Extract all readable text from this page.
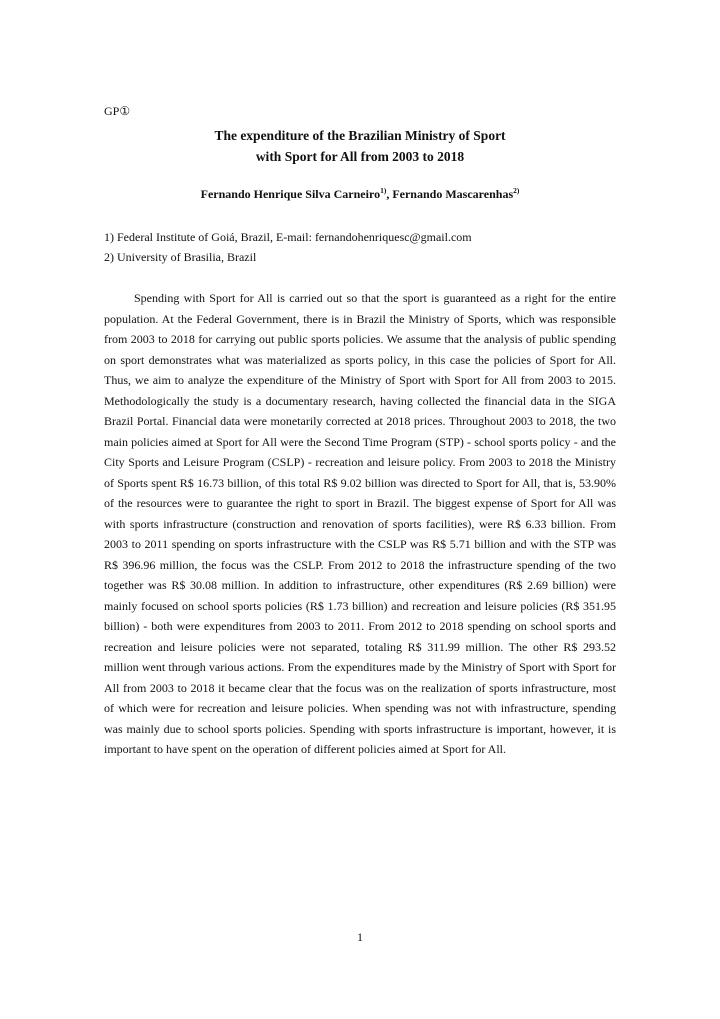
GP①
The expenditure of the Brazilian Ministry of Sport
with Sport for All from 2003 to 2018
Fernando Henrique Silva Carneiro$^{1)}$, Fernando Mascarenhas$^{2)}$
1) Federal Institute of Goiá, Brazil, E-mail: fernandohenriquesc@gmail.com
2) University of Brasilia, Brazil

Spending with Sport for All is carried out so that the sport is guaranteed as a right for the entire population. At the Federal Government, there is in Brazil the Ministry of Sports, which was responsible from 2003 to 2018 for carrying out public sports policies. We assume that the analysis of public spending on sport demonstrates what was materialized as sports policy, in this case the policies of Sport for All. Thus, we aim to analyze the expenditure of the Ministry of Sport with Sport for All from 2003 to 2015. Methodologically the study is a documentary research, having collected the financial data in the SIGA Brazil Portal. Financial data were monetarily corrected at 2018 prices. Throughout 2003 to 2018, the two main policies aimed at Sport for All were the Second Time Program (STP) - school sports policy - and the City Sports and Leisure Program (CSLP) - recreation and leisure policy. From 2003 to 2018 the Ministry of Sports spent R$ 16.73 billion, of this total R$ 9.02 billion was directed to Sport for All, that is, 53.90% of the resources were to guarantee the right to sport in Brazil. The biggest expense of Sport for All was with sports infrastructure (construction and renovation of sports facilities), were R$ 6.33 billion. From 2003 to 2011 spending on sports infrastructure with the CSLP was R$ 5.71 billion and with the STP was R$ 396.96 million, the focus was the CSLP. From 2012 to 2018 the infrastructure spending of the two together was R$ 30.08 million. In addition to infrastructure, other expenditures (R$ 2.69 billion) were mainly focused on school sports policies (R$ 1.73 billion) and recreation and leisure policies (R$ 351.95 billion) - both were expenditures from 2003 to 2011. From 2012 to 2018 spending on school sports and recreation and leisure policies were not separated, totaling R$ 311.99 million. The other R$ 293.52 million went through various actions. From the expenditures made by the Ministry of Sport with Sport for All from 2003 to 2018 it became clear that the focus was on the realization of sports infrastructure, most of which were for recreation and leisure policies. When spending was not with infrastructure, spending was mainly due to school sports policies. Spending with sports infrastructure is important, however, it is important to have spent on the operation of different policies aimed at Sport for All.

1
